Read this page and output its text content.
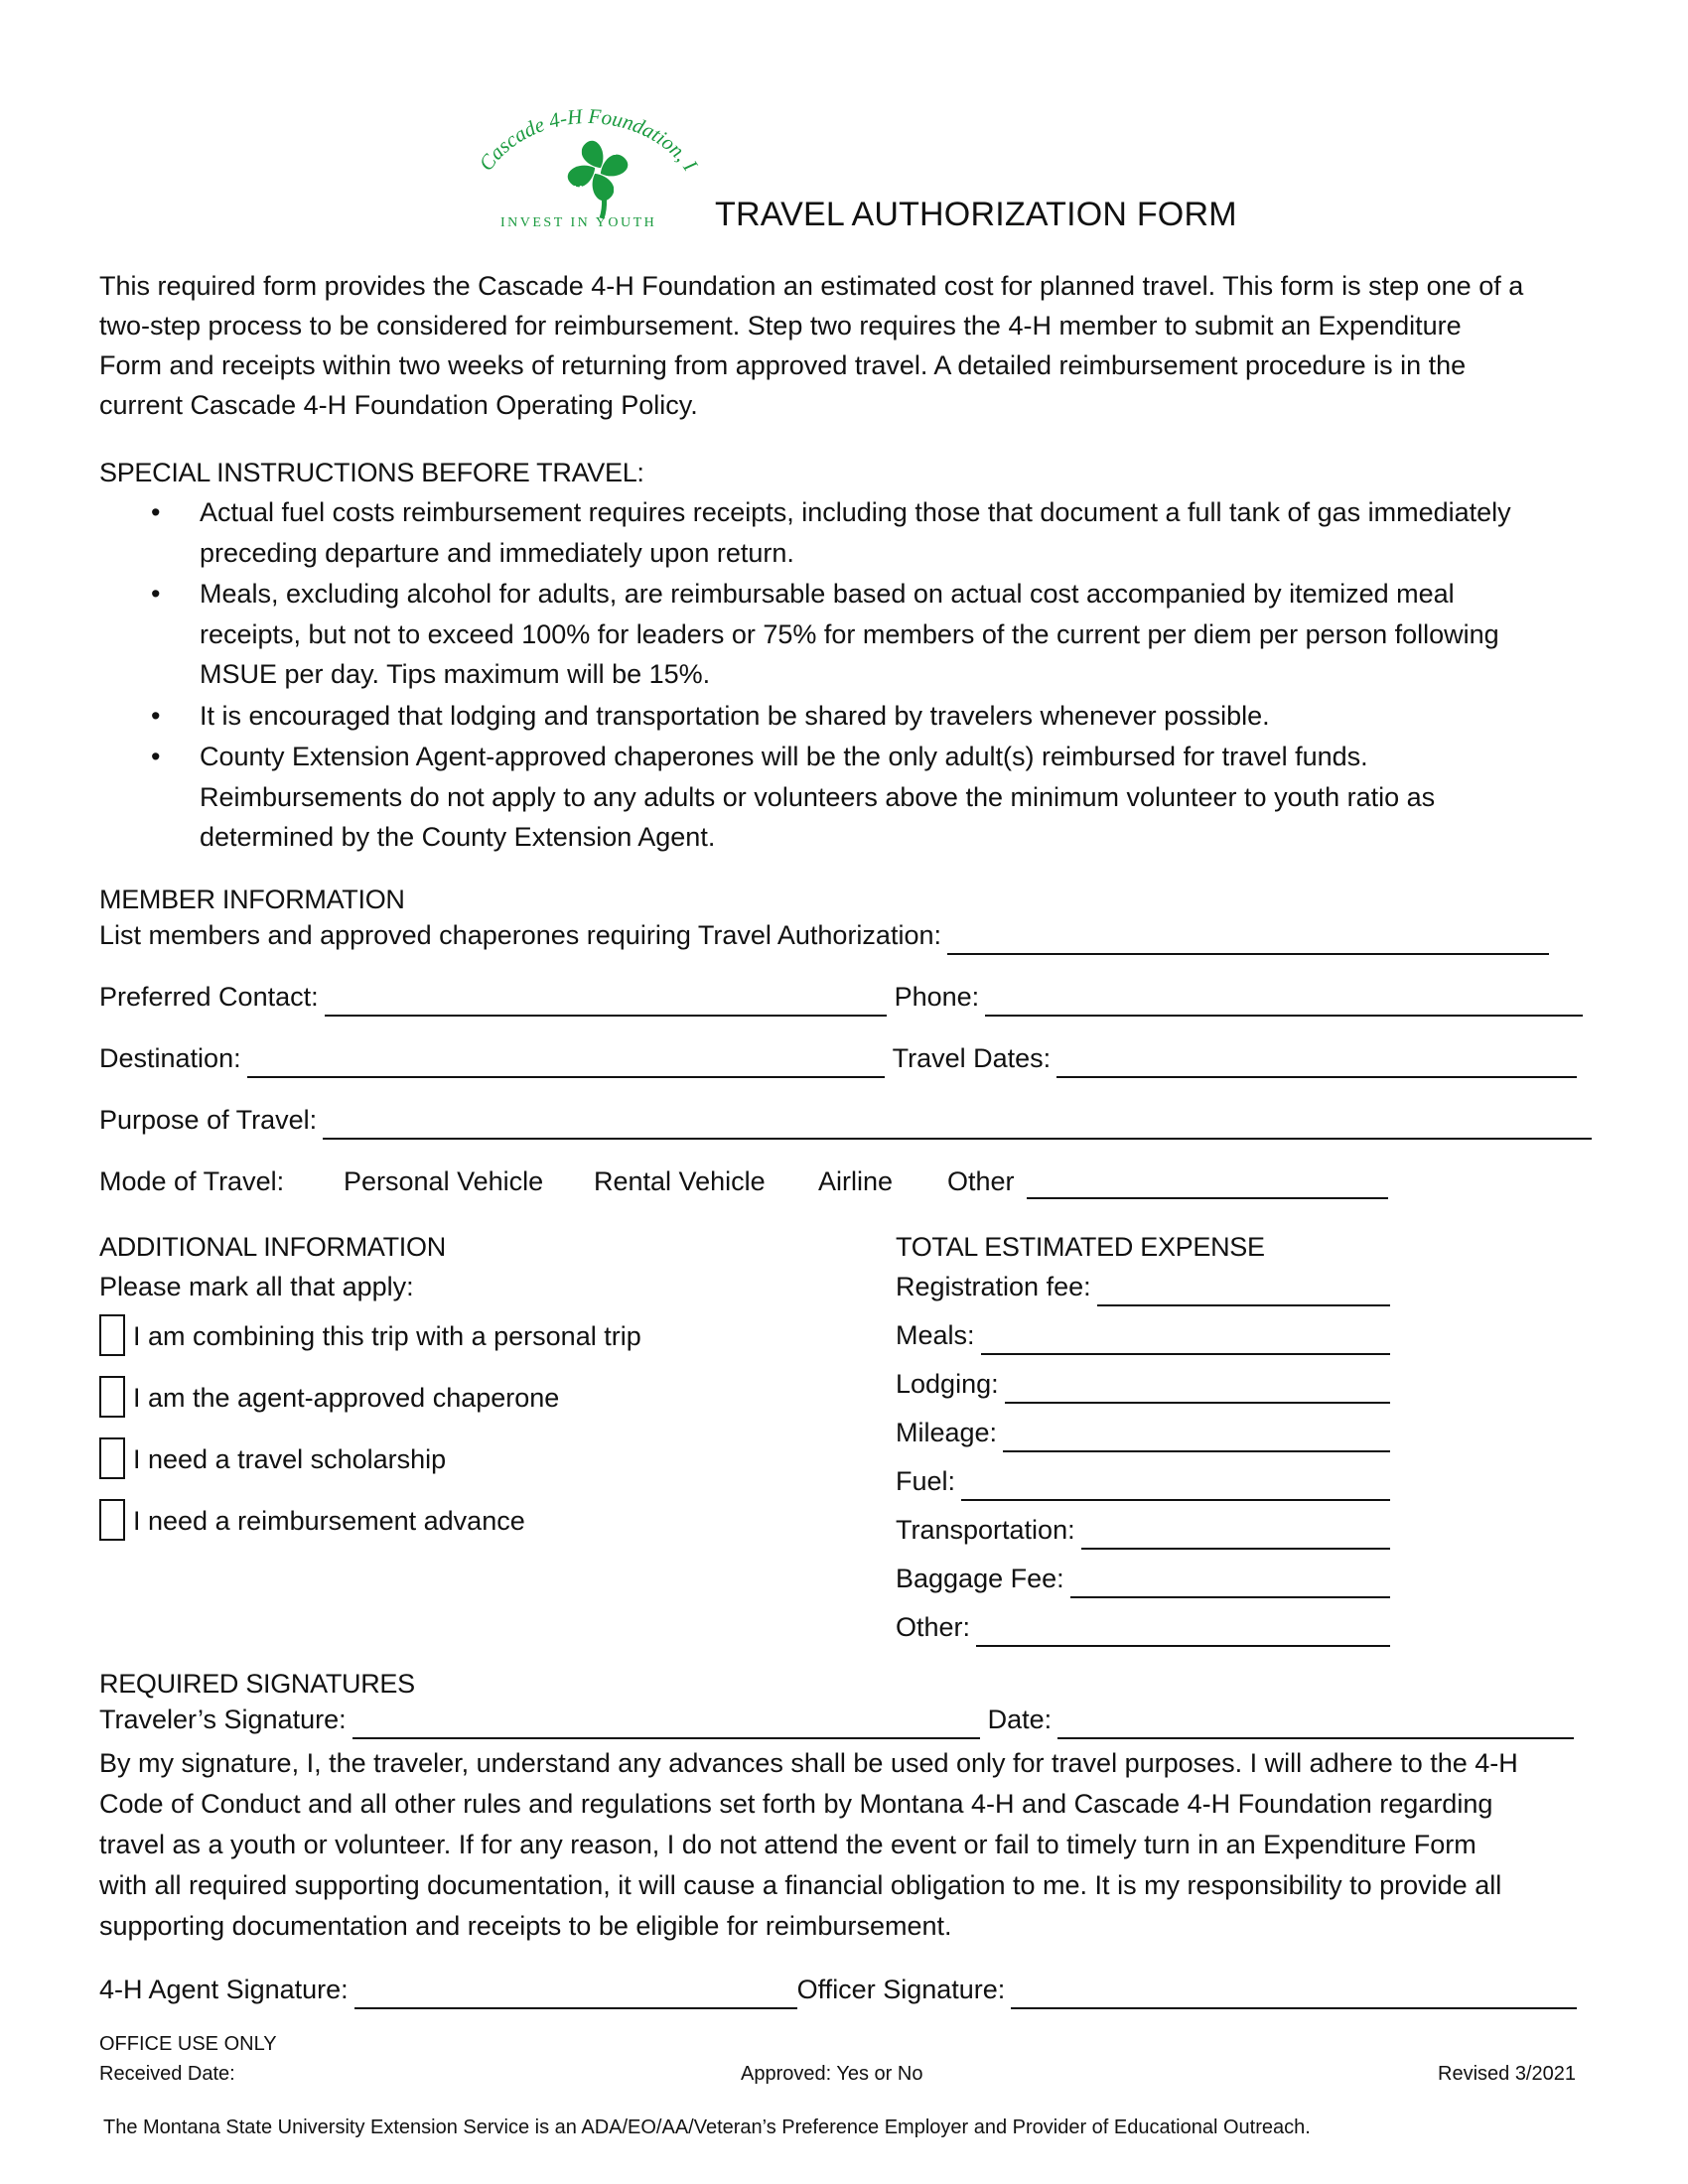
Cascade 4-H Foundation, I
H H
H H
INVEST IN YOUTH TRAVEL AUTHORIZATION FORM

This required form provides the Cascade 4-H Foundation an estimated cost for planned travel. This form is step one of a

two-step process to be considered for reimbursement. Step two requires the 4-H member to submit an Expenditure

Form and receipts within two weeks of returning from approved travel. A detailed reimbursement procedure is in the

current Cascade 4-H Foundation Operating Policy.

SPECIAL INSTRUCTIONS BEFORE TRAVEL:
• Actual fuel costs reimbursement requires receipts, including those that document a full tank of gas immediately
preceding departure and immediately upon return.
• Meals, excluding alcohol for adults, are reimbursable based on actual cost accompanied by itemized meal
receipts, but not to exceed 100% for leaders or 75% for members of the current per diem per person following
MSUE per day. Tips maximum will be 15%.
• It is encouraged that lodging and transportation be shared by travelers whenever possible.
• County Extension Agent-approved chaperones will be the only adult(s) reimbursed for travel funds.
Reimbursements do not apply to any adults or volunteers above the minimum volunteer to youth ratio as
determined by the County Extension Agent.
MEMBER INFORMATION
List members and approved chaperones requiring Travel Authorization:
Preferred Contact:	Phone:
Destination:	Travel Dates:
Purpose of Travel:
Mode of Travel: Personal Vehicle Rental Vehicle Airline Other
ADDITIONAL INFORMATION
Please mark all that apply:
I am combining this trip with a personal trip
I am the agent-approved chaperone
I need a travel scholarship
I need a reimbursement advance
TOTAL ESTIMATED EXPENSE
Registration fee:
Meals:
Lodging:
Mileage:
Fuel:
Transportation:
Baggage Fee:
Other:
REQUIRED SIGNATURES
Traveler’s Signature:	Date:
By my signature, I, the traveler, understand any advances shall be used only for travel purposes. I will adhere to the 4-H
Code of Conduct and all other rules and regulations set forth by Montana 4-H and Cascade 4-H Foundation regarding
travel as a youth or volunteer. If for any reason, I do not attend the event or fail to timely turn in an Expenditure Form
with all required supporting documentation, it will cause a financial obligation to me. It is my responsibility to provide all
supporting documentation and receipts to be eligible for reimbursement.
4-H Agent Signature:	Officer Signature:
OFFICE USE ONLY
Received Date:	Approved: Yes or No	Revised 3/2021
The Montana State University Extension Service is an ADA/EO/AA/Veteran’s Preference Employer and Provider of Educational Outreach.
